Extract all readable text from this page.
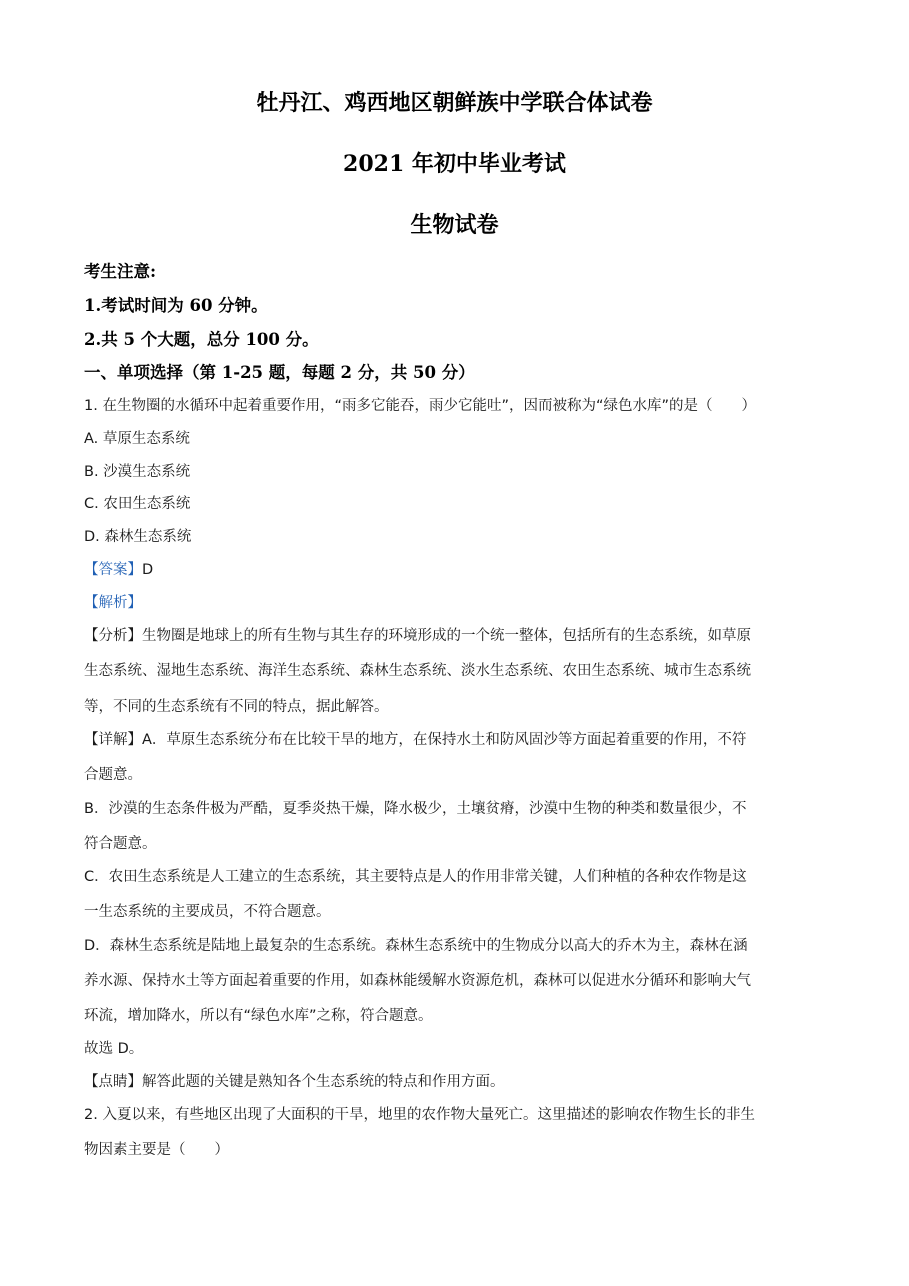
牡丹江、鸡西地区朝鲜族中学联合体试卷
2021 年初中毕业考试
生物试卷
考生注意:
1.考试时间为 60 分钟。
2.共 5 个大题，总分 100 分。
一、单项选择（第 1-25 题，每题 2 分，共 50 分）
1. 在生物圈的水循环中起着重要作用，“雨多它能吞，雨少它能吐”，因而被称为“绿色水库”的是（　　）
A. 草原生态系统
B. 沙漠生态系统
C. 农田生态系统
D. 森林生态系统
【答案】D
【解析】
【分析】生物圈是地球上的所有生物与其生存的环境形成的一个统一整体，包括所有的生态系统，如草原
生态系统、湿地生态系统、海洋生态系统、森林生态系统、淡水生态系统、农田生态系统、城市生态系统
等，不同的生态系统有不同的特点，据此解答。
【详解】A．草原生态系统分布在比较干旱的地方，在保持水土和防风固沙等方面起着重要的作用，不符
合题意。
B．沙漠的生态条件极为严酷，夏季炎热干燥，降水极少，土壤贫瘠，沙漠中生物的种类和数量很少，不
符合题意。
C．农田生态系统是人工建立的生态系统，其主要特点是人的作用非常关键，人们种植的各种农作物是这
一生态系统的主要成员，不符合题意。
D．森林生态系统是陆地上最复杂的生态系统。森林生态系统中的生物成分以高大的乔木为主，森林在涵
养水源、保持水土等方面起着重要的作用，如森林能缓解水资源危机，森林可以促进水分循环和影响大气
环流，增加降水，所以有“绿色水库”之称，符合题意。
故选 D。
【点睛】解答此题的关键是熟知各个生态系统的特点和作用方面。
2. 入夏以来，有些地区出现了大面积的干旱，地里的农作物大量死亡。这里描述的影响农作物生长的非生
物因素主要是（　　）
